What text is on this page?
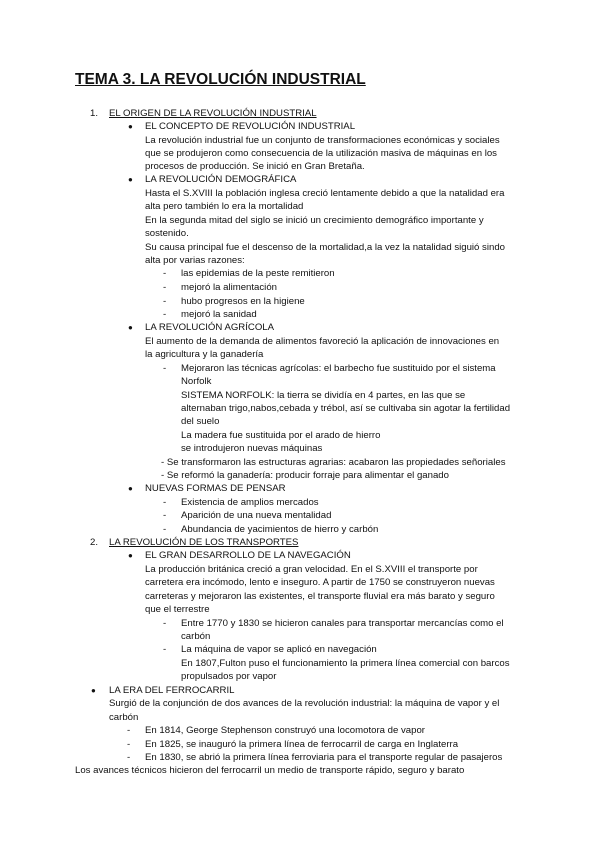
TEMA 3. LA REVOLUCIÓN INDUSTRIAL
1. EL ORIGEN DE LA REVOLUCIÓN INDUSTRIAL
● EL CONCEPTO DE REVOLUCIÓN INDUSTRIAL
La revolución industrial fue un conjunto de transformaciones económicas y sociales
que se produjeron como consecuencia de la utilización masiva de máquinas en los
procesos de producción. Se inició en Gran Bretaña.
● LA REVOLUCIÓN DEMOGRÁFICA
Hasta el S.XVIII la población inglesa creció lentamente debido a que la natalidad era
alta pero también lo era la mortalidad
En la segunda mitad del siglo se inició un crecimiento demográfico importante y
sostenido.
Su causa principal fue el descenso de la mortalidad,a la vez la natalidad siguió sindo
alta por varias razones:
- las epidemias de la peste remitieron
- mejoró la alimentación
- hubo progresos en la higiene
- mejoró la sanidad
● LA REVOLUCIÓN AGRÍCOLA
El aumento de la demanda de alimentos favoreció la aplicación de innovaciones en
la agricultura y la ganadería
- Mejoraron las técnicas agrícolas: el barbecho fue sustituido por el sistema
Norfolk
SISTEMA NORFOLK: la tierra se dividía en 4 partes, en las que se
alternaban trigo,nabos,cebada y trébol, así se cultivaba sin agotar la fertilidad
del suelo
La madera fue sustituida por el arado de hierro
se introdujeron nuevas máquinas
- Se transformaron las estructuras agrarias: acabaron las propiedades señoriales
- Se reformó la ganadería: producir forraje para alimentar el ganado
● NUEVAS FORMAS DE PENSAR
- Existencia de amplios mercados
- Aparición de una nueva mentalidad
- Abundancia de yacimientos de hierro y carbón
2. LA REVOLUCIÓN DE LOS TRANSPORTES
● EL GRAN DESARROLLO DE LA NAVEGACIÓN
La producción británica creció a gran velocidad. En el S.XVIII el transporte por
carretera era incómodo, lento e inseguro. A partir de 1750 se construyeron nuevas
carreteras y mejoraron las existentes, el transporte fluvial era más barato y seguro
que el terrestre
- Entre 1770 y 1830 se hicieron canales para transportar mercancías como el
carbón
- La máquina de vapor se aplicó en navegación
En 1807,Fulton puso el funcionamiento la primera línea comercial con barcos
propulsados por vapor
● LA ERA DEL FERROCARRIL
Surgió de la conjunción de dos avances de la revolución industrial: la máquina de vapor y el
carbón
- En 1814, George Stephenson construyó una locomotora de vapor
- En 1825, se inauguró la primera línea de ferrocarril de carga en Inglaterra
- En 1830, se abrió la primera línea ferroviaria para el transporte regular de pasajeros
Los avances técnicos hicieron del ferrocarril un medio de transporte rápido, seguro y barato
